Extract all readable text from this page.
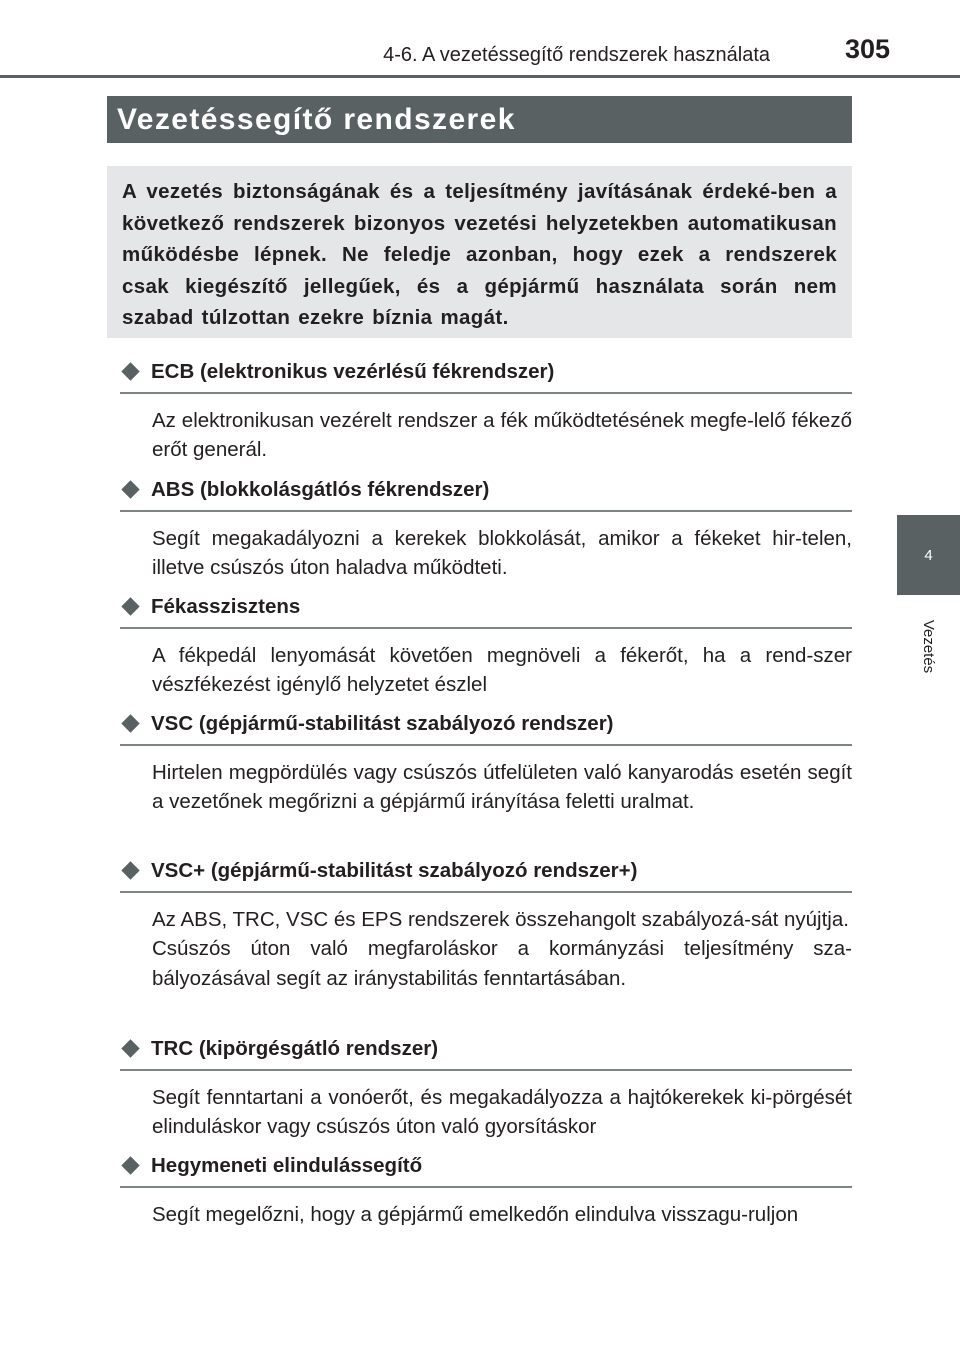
4-6. A vezetéssegítő rendszerek használata	305
4
Vezetés
Vezetéssegítő rendszerek
A vezetés biztonságának és a teljesítmény javításának érdeké-ben a következő rendszerek bizonyos vezetési helyzetekben automatikusan működésbe lépnek. Ne feledje azonban, hogy ezek a rendszerek csak kiegészítő jellegűek, és a gépjármű használata során nem szabad túlzottan ezekre bíznia magát.
ECB (elektronikus vezérlésű fékrendszer)

Az elektronikusan vezérelt rendszer a fék működtetésének megfe-lelő fékező erőt generál.

ABS (blokkolásgátlós fékrendszer)

Segít megakadályozni a kerekek blokkolását, amikor a fékeket hir-telen, illetve csúszós úton haladva működteti.

Fékasszisztens

A fékpedál lenyomását követően megnöveli a fékerőt, ha a rend-szer vészfékezést igénylő helyzetet észlel

VSC (gépjármű-stabilitást szabályozó rendszer)

Hirtelen megpördülés vagy csúszós útfelületen való kanyarodás esetén segít a vezetőnek megőrizni a gépjármű irányítása feletti uralmat.

VSC+ (gépjármű-stabilitást szabályozó rendszer+)

Az ABS, TRC, VSC és EPS rendszerek összehangolt szabályozá-sát nyújtja.

Csúszós úton való megfaroláskor a kormányzási teljesítmény sza-bályozásával segít az iránystabilitás fenntartásában.

TRC (kipörgésgátló rendszer)

Segít fenntartani a vonóerőt, és megakadályozza a hajtókerekek ki-pörgését elinduláskor vagy csúszós úton való gyorsításkor

Hegymeneti elindulássegítő

Segít megelőzni, hogy a gépjármű emelkedőn elindulva visszagu-ruljon
